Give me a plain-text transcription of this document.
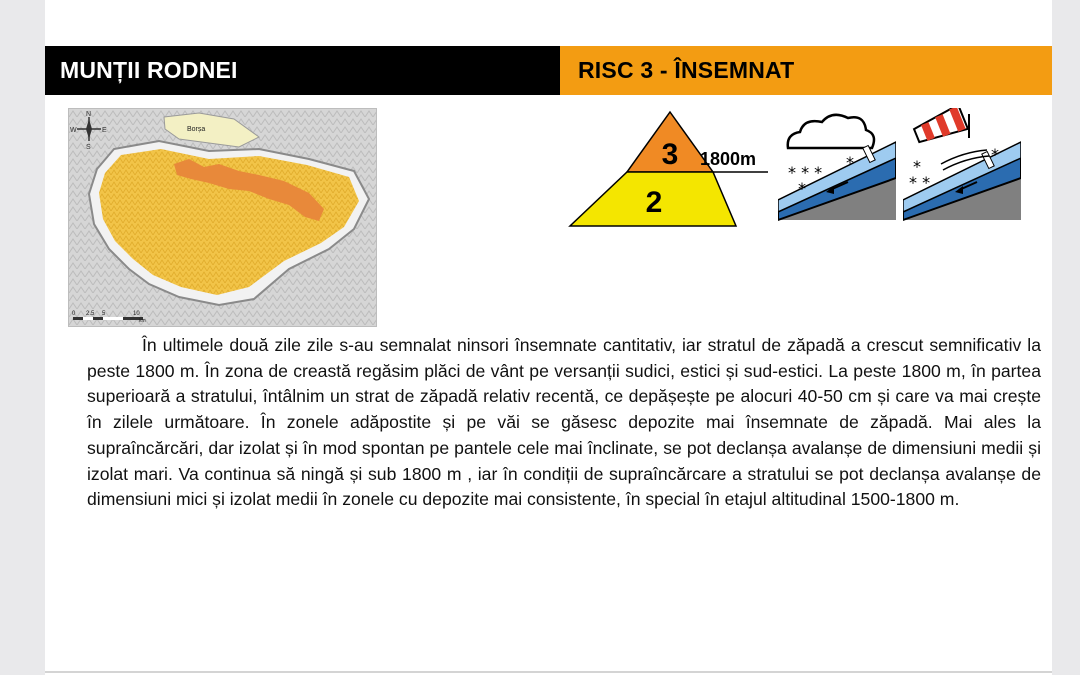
MUNȚII RODNEI	RISC 3 - ÎNSEMNAT
N
W	E
S
Borșa
0 2.5 5	10
km
3
2
1800m
* * *
*
*	*
* *
*

În ultimele două zile zile s-au semnalat ninsori însemnate cantitativ, iar stratul de zăpadă a crescut semnificativ la peste 1800 m. În zona de creastă regăsim plăci de vânt pe versanții sudici, estici și sud-estici. La peste 1800 m, în partea superioară a stratului, întâlnim un strat de zăpadă relativ recentă, ce depășește pe alocuri 40-50 cm și care va mai crește în zilele următoare. În zonele adăpostite și pe văi se găsesc depozite mai însemnate de zăpadă. Mai ales la supraîncărcări, dar izolat și în mod spontan pe pantele cele mai înclinate, se pot declanșa avalanșe de dimensiuni medii și izolat mari. Va continua să ningă și sub 1800 m , iar în condiții de supraîncărcare a stratului se pot declanșa avalanșe de dimensiuni mici și izolat medii în zonele cu depozite mai consistente, în special în etajul altitudinal 1500-1800 m.
